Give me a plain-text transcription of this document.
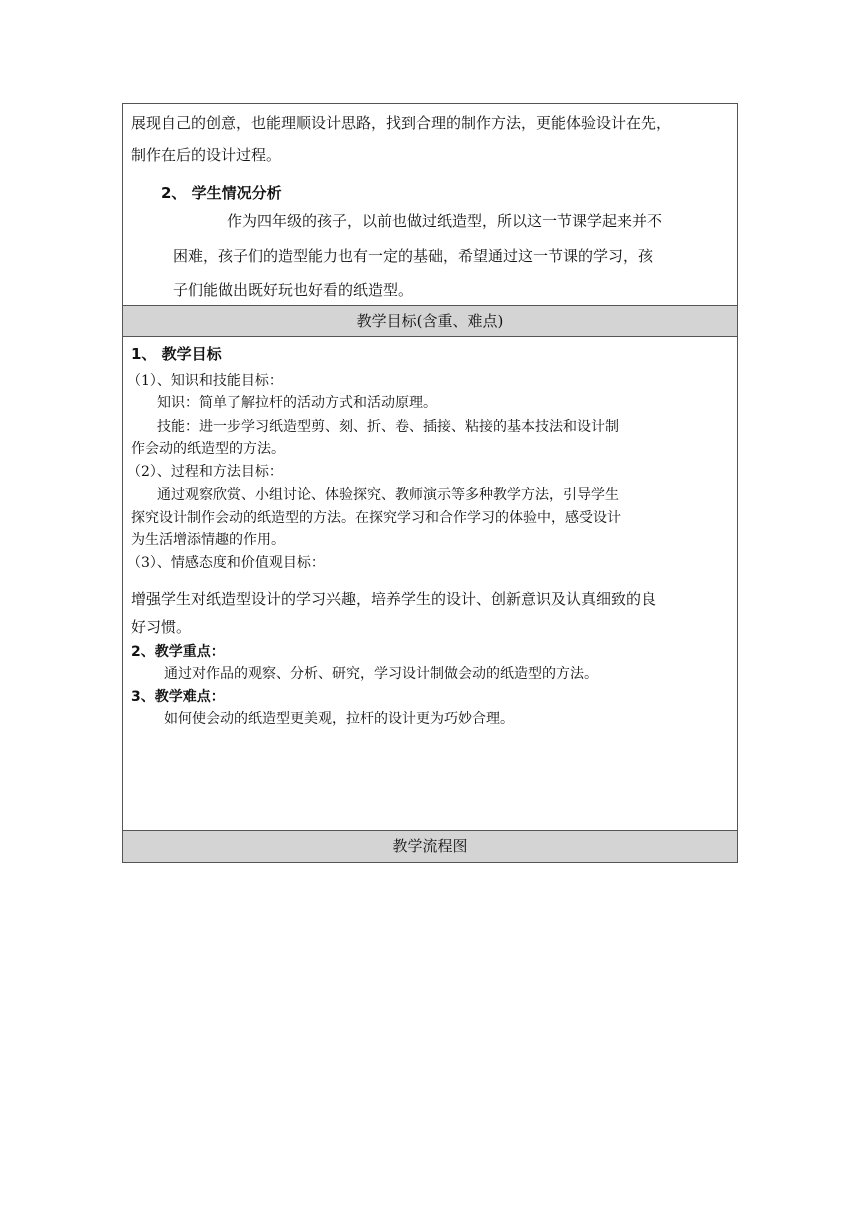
展现自己的创意，也能理顺设计思路，找到合理的制作方法，更能体验设计在先，
制作在后的设计过程。
2、 学生情况分析
作为四年级的孩子，以前也做过纸造型，所以这一节课学起来并不
困难，孩子们的造型能力也有一定的基础，希望通过这一节课的学习，孩
子们能做出既好玩也好看的纸造型。
教学目标(含重、难点)
1、 教学目标
（1）、知识和技能目标：
知识：简单了解拉杆的活动方式和活动原理。
技能：进一步学习纸造型剪、刻、折、卷、插接、粘接的基本技法和设计制
作会动的纸造型的方法。
（2）、过程和方法目标：
通过观察欣赏、小组讨论、体验探究、教师演示等多种教学方法，引导学生
探究设计制作会动的纸造型的方法。在探究学习和合作学习的体验中，感受设计
为生活增添情趣的作用。
（3）、情感态度和价值观目标：
增强学生对纸造型设计的学习兴趣，培养学生的设计、创新意识及认真细致的良
好习惯。
2、教学重点：
通过对作品的观察、分析、研究，学习设计制做会动的纸造型的方法。
3、教学难点：
如何使会动的纸造型更美观，拉杆的设计更为巧妙合理。
教学流程图
